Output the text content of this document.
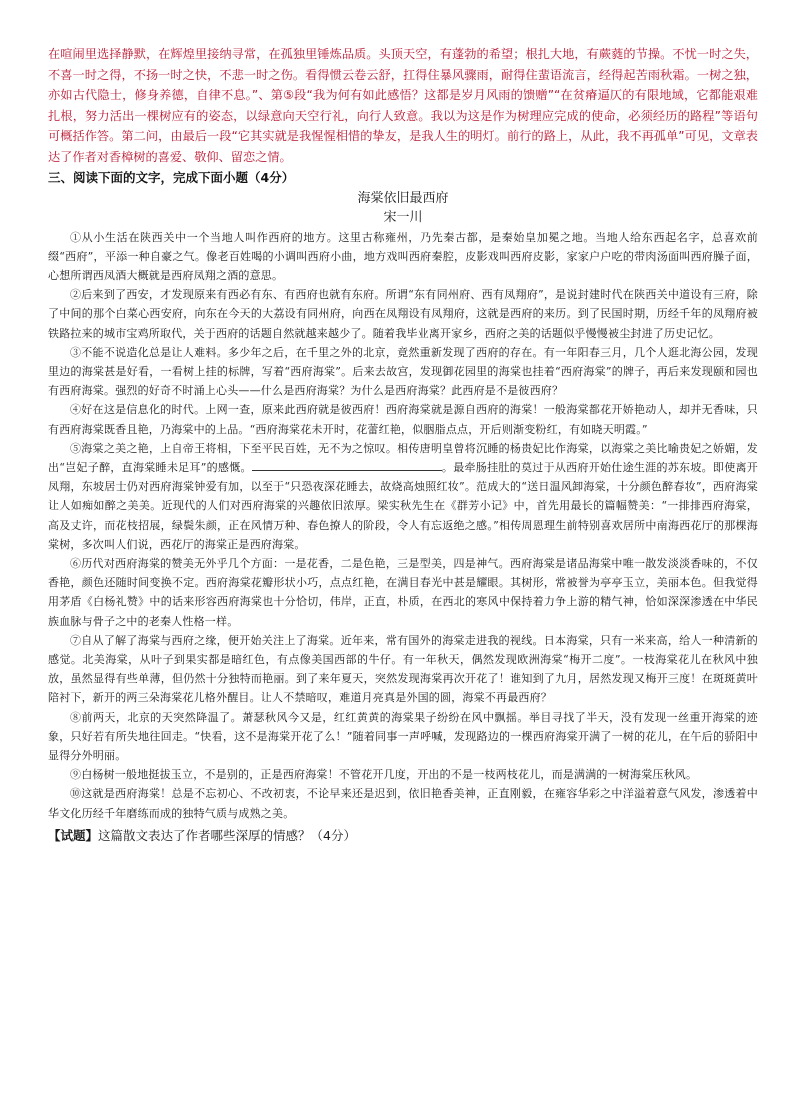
在喧闹里选择静默，在辉煌里接纳寻常，在孤独里锤炼品质。头顶天空，有蓬勃的希望；根扎大地，有蕨蕤的节操。不忧一时之失，不喜一时之得，不扬一时之快，不悲一时之伤。看得惯云卷云舒，扛得住暴风骤雨，耐得住蜚语流言，经得起苦雨秋霜。一树之独，亦如古代隐士，修身养德，自律不息。”、第⑤段“我为何有如此感悟？这都是岁月风雨的馈赠”“在贫瘠逼仄的有限地域，它都能艰难扎根，努力活出一棵树应有的姿态，以绿意向天空行礼，向行人致意。我以为这是作为树理应完成的使命，必须经历的路程”等语句可概括作答。第二问，由最后一段“它其实就是我惺惺相惜的挚友，是我人生的明灯。前行的路上，从此，我不再孤单”可见，文章表达了作者对香樟树的喜爱、敬仰、留恋之情。

三、阅读下面的文字，完成下面小题（4分）

海棠依旧最西府

宋一川

①从小生活在陕西关中一个当地人叫作西府的地方。这里古称雍州，乃先秦古都，是秦始皇加冕之地。当地人给东西起名字，总喜欢前缀“西府”，平添一种自豪之气。像老百姓喝的小调叫西府小曲，地方戏叫西府秦腔，皮影戏叫西府皮影，家家户户吃的带肉汤面叫西府臊子面，心想所谓西凤酒大概就是西府凤翔之酒的意思。

②后来到了西安，才发现原来有西必有东、有西府也就有东府。所谓“东有同州府、西有凤翔府”，是说封建时代在陕西关中道设有三府，除了中间的那个白菜心西安府，向东在今天的大荔设有同州府，向西在凤翔设有凤翔府，这就是西府的来历。到了民国时期，历经千年的凤翔府被铁路拉来的城市宝鸡所取代，关于西府的话题自然就越来越少了。随着我毕业离开家乡，西府之美的话题似乎慢慢被尘封进了历史记忆。

③不能不说造化总是让人难料。多少年之后，在千里之外的北京，竟然重新发现了西府的存在。有一年阳春三月，几个人逛北海公园，发现里边的海棠甚是好看，一看树上挂的标牌，写着“西府海棠”。后来去故宫，发现御花园里的海棠也挂着“西府海棠”的牌子，再后来发现颐和园也有西府海棠。强烈的好奇不时涌上心头——什么是西府海棠？为什么是西府海棠？此西府是不是彼西府？

④好在这是信息化的时代。上网一查，原来此西府就是彼西府！西府海棠就是源自西府的海棠！一般海棠都花开娇艳动人，却并无香味，只有西府海棠既香且艳，乃海棠中的上品。“西府海棠花未开时，花蕾红艳，似胭脂点点，开后则渐变粉红，有如晓天明霞。”

⑤海棠之美之艳，上自帝王将相，下至平民百姓，无不为之惊叹。相传唐明皇曾将沉睡的杨贵妃比作海棠，以海棠之美比喻贵妃之娇媚，发出“岂妃子醉，直海棠睡未足耳”的感慨。	。最牵肠挂肚的莫过于从西府开始仕途生涯的苏东坡。即使离开凤翔，东坡居士仍对西府海棠钟爱有加，以至于“只恐夜深花睡去，故烧高烛照红妆”。范成大的“送日温风卸海棠，十分颜色醉春妆”，西府海棠让人如痴如醉之美美。近现代的人们对西府海棠的兴趣依旧浓厚。梁实秋先生在《群芳小记》中，首先用最长的篇幅赞美：“一排排西府海棠，高及丈许，而花枝招展，绿鬓朱颜，正在风情万种、春色撩人的阶段，令人有忘返绝之感。”相传周恩理生前特别喜欢居所中南海西花厅的那棵海棠树，多次叫人们说，西花厅的海棠正是西府海棠。

⑥历代对西府海棠的赞美无外乎几个方面：一是花香，二是色艳，三是型美，四是神气。西府海棠是诸品海棠中唯一散发淡淡香味的，不仅香艳，颜色还随时间变换不定。西府海棠花瓣形状小巧，点点红艳，在满目春光中甚是耀眼。其树形，常被誉为亭亭玉立，美丽本色。但我觉得用茅盾《白杨礼赞》中的话来形容西府海棠也十分恰切，伟岸，正直，朴质，在西北的寒风中保持着力争上游的精气神，恰如深深渗透在中华民族血脉与骨子之中的老秦人性格一样。

⑦自从了解了海棠与西府之缘，便开始关注上了海棠。近年来，常有国外的海棠走进我的视线。日本海棠，只有一米来高，给人一种清新的感觉。北美海棠，从叶子到果实都是暗红色，有点像美国西部的牛仔。有一年秋天，偶然发现欧洲海棠“梅开二度”。一枝海棠花儿在秋风中独放，虽然显得有些单薄，但仍然十分独特而艳丽。到了来年夏天，突然发现海棠再次开花了！谁知到了九月，居然发现又梅开三度！在斑斑黄叶陪衬下，新开的两三朵海棠花儿格外醒目。让人不禁暗叹，难道月亮真是外国的圆，海棠不再最西府？

⑧前两天，北京的天突然降温了。萧瑟秋风今又是，红红黄黄的海棠果子纷纷在风中飘摇。举目寻找了半天，没有发现一丝重开海棠的迹象，只好若有所失地往回走。“快看，这不是海棠开花了么！”随着同事一声呼喊，发现路边的一棵西府海棠开满了一树的花儿，在午后的骄阳中显得分外明丽。

⑨白杨树一般地挺拔玉立，不是别的，正是西府海棠！不管花开几度，开出的不是一枝两枝花儿，而是满满的一树海棠压秋风。

⑩这就是西府海棠！总是不忘初心、不改初衷，不论早来还是迟到，依旧艳香美神，正直刚毅，在雍容华彩之中洋溢着意气风发，渗透着中华文化历经千年磨练而成的独特气质与成熟之美。

【试题】这篇散文表达了作者哪些深厚的情感？（4分）
